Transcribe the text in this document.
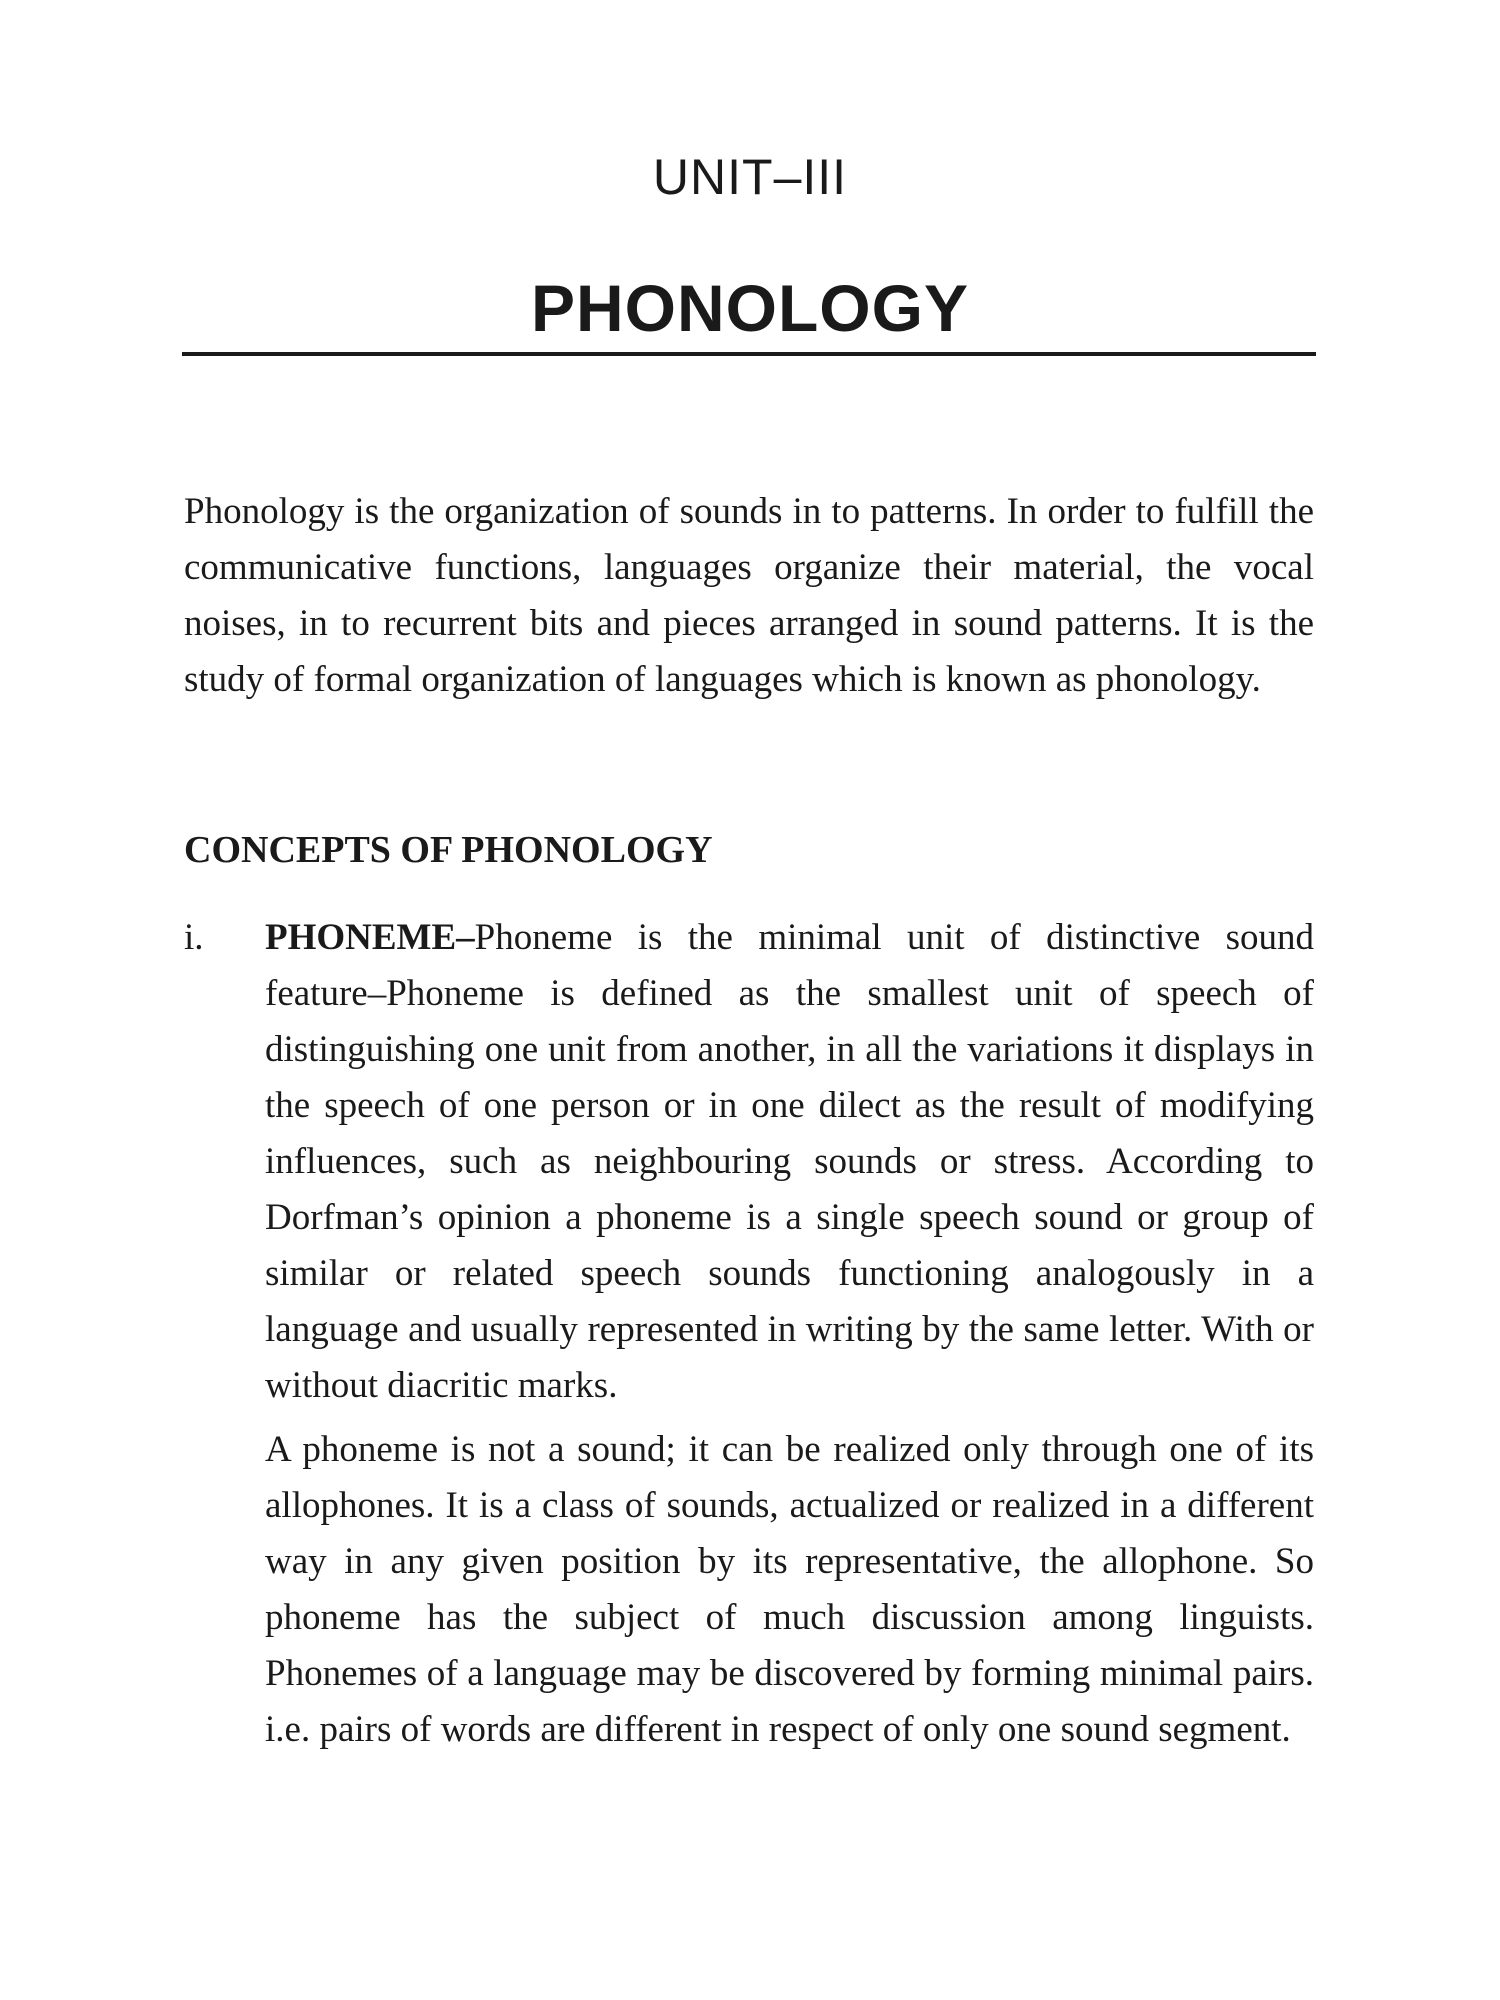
UNIT–III
PHONOLOGY

Phonology is the organization of sounds in to patterns. In order to fulfill the communicative functions, languages organize their material, the vocal noises, in to recurrent bits and pieces arranged in sound patterns. It is the study of formal organization of languages which is known as phonology.

CONCEPTS OF PHONOLOGY
i. PHONEME–Phoneme is the minimal unit of distinctive sound feature–Phoneme is defined as the smallest unit of speech of distinguishing one unit from another, in all the variations it displays in the speech of one person or in one dilect as the result of modifying influences, such as neighbouring sounds or stress. According to Dorfman’s opinion a phoneme is a single speech sound or group of similar or related speech sounds functioning analogously in a language and usually represented in writing by the same letter. With or without diacritic marks.

A phoneme is not a sound; it can be realized only through one of its allophones. It is a class of sounds, actualized or realized in a different way in any given position by its representative, the allophone. So phoneme has the subject of much discussion among linguists. Phonemes of a language may be discovered by forming minimal pairs. i.e. pairs of words are different in respect of only one sound segment.
